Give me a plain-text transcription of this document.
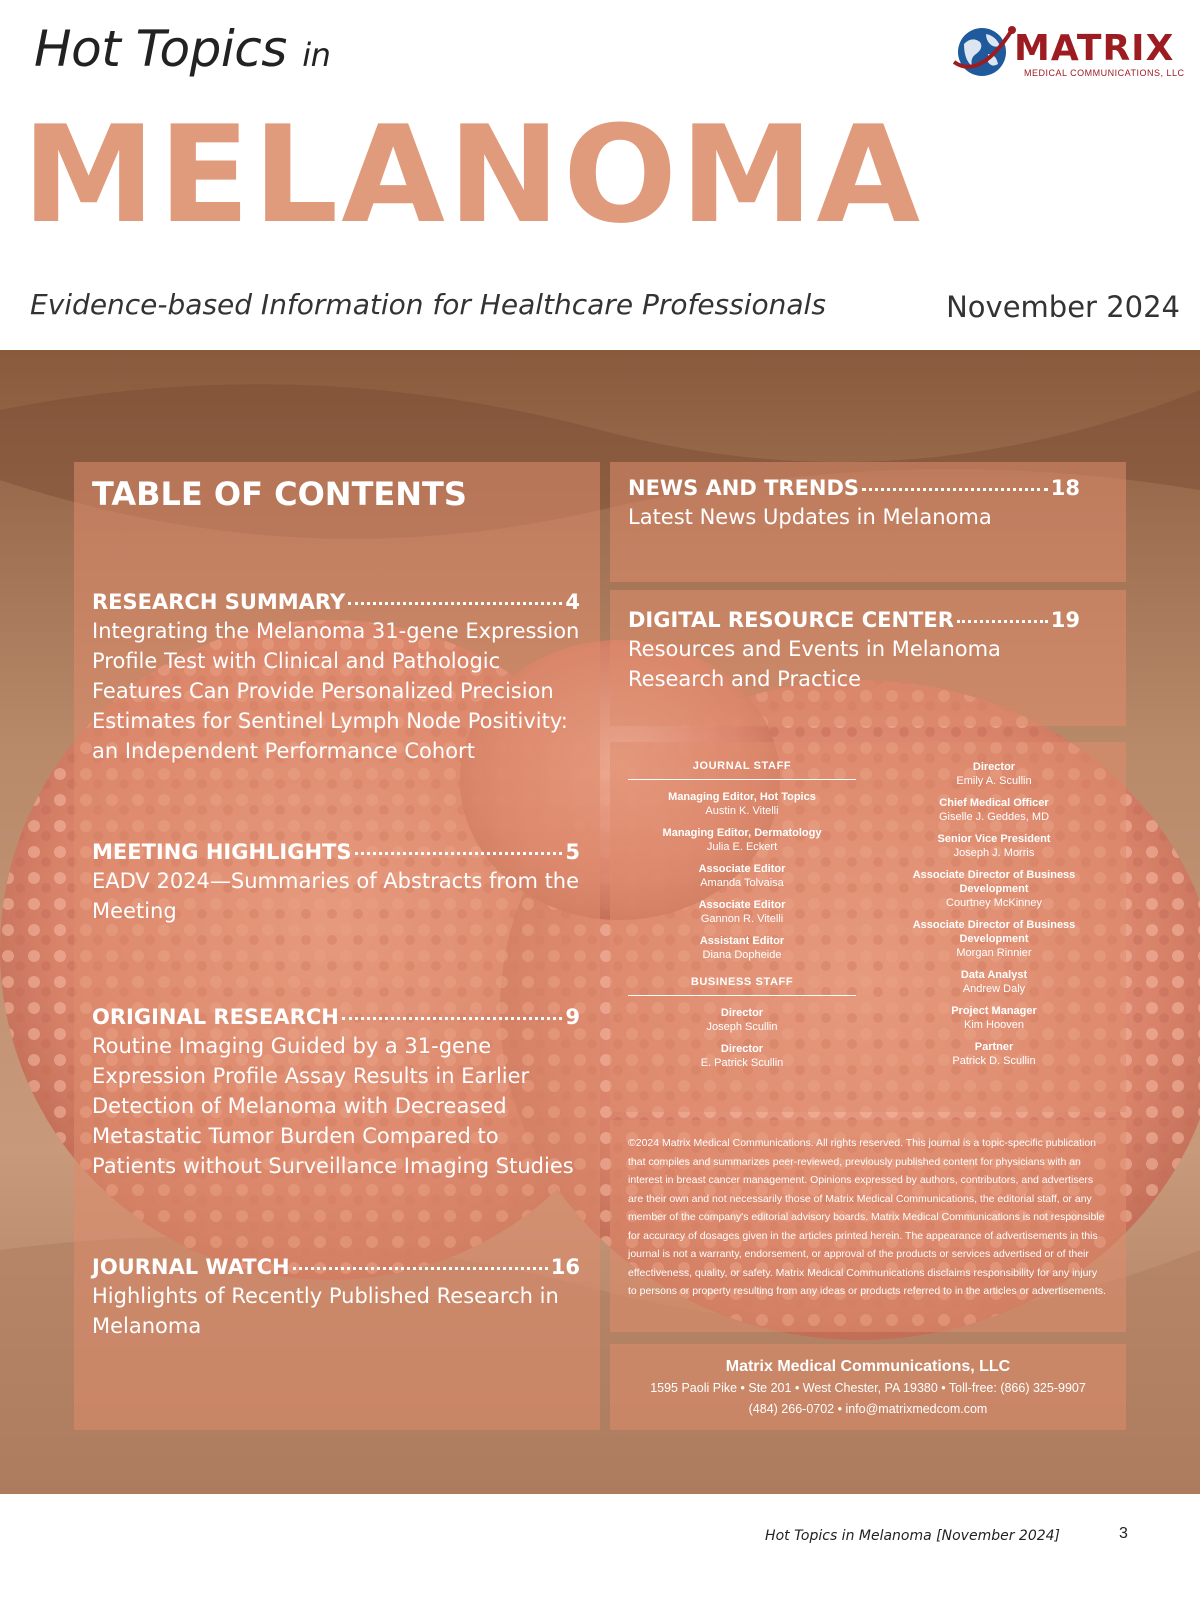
Hot Topics in
MELANOMA
Evidence-based Information for Healthcare Professionals	November 2024
MATRIX
MEDICAL COMMUNICATIONS, LLC
TABLE OF CONTENTS
RESEARCH SUMMARY	4
Integrating the Melanoma 31-gene Expression Profile Test with Clinical and Pathologic Features Can Provide Personalized Precision Estimates for Sentinel Lymph Node Positivity: an Independent Performance Cohort
MEETING HIGHLIGHTS	5
EADV 2024—Summaries of Abstracts from the Meeting
ORIGINAL RESEARCH	9
Routine Imaging Guided by a 31-gene Expression Profile Assay Results in Earlier Detection of Melanoma with Decreased Metastatic Tumor Burden Compared to Patients without Surveillance Imaging Studies
JOURNAL WATCH	16
Highlights of Recently Published Research in Melanoma
NEWS AND TRENDS	18
Latest News Updates in Melanoma
DIGITAL RESOURCE CENTER	19
Resources and Events in Melanoma Research and Practice
JOURNAL STAFF
Managing Editor, Hot Topics
Austin K. Vitelli
Managing Editor, Dermatology
Julia E. Eckert
Associate Editor
Amanda Tolvaisa
Associate Editor
Gannon R. Vitelli
Assistant Editor
Diana Dopheide
BUSINESS STAFF
Director
Joseph Scullin
Director
E. Patrick Scullin
Director
Emily A. Scullin
Chief Medical Officer
Giselle J. Geddes, MD
Senior Vice President
Joseph J. Morris
Associate Director of Business Development
Courtney McKinney
Associate Director of Business Development
Morgan Rinnier
Data Analyst
Andrew Daly
Project Manager
Kim Hooven
Partner
Patrick D. Scullin
©2024 Matrix Medical Communications. All rights reserved. This journal is a topic-specific publication that compiles and summarizes peer-reviewed, previously published content for physicians with an interest in breast cancer management. Opinions expressed by authors, contributors, and advertisers are their own and not necessarily those of Matrix Medical Communications, the editorial staff, or any member of the company's editorial advisory boards. Matrix Medical Communications is not responsible for accuracy of dosages given in the articles printed herein. The appearance of advertisements in this journal is not a warranty, endorsement, or approval of the products or services advertised or of their effectiveness, quality, or safety. Matrix Medical Communications disclaims responsibility for any injury to persons or property resulting from any ideas or products referred to in the articles or advertisements.
Matrix Medical Communications, LLC
1595 Paoli Pike • Ste 201 • West Chester, PA 19380 • Toll-free: (866) 325-9907
(484) 266-0702 • info@matrixmedcom.com
Hot Topics in Melanoma [November 2024]	3
